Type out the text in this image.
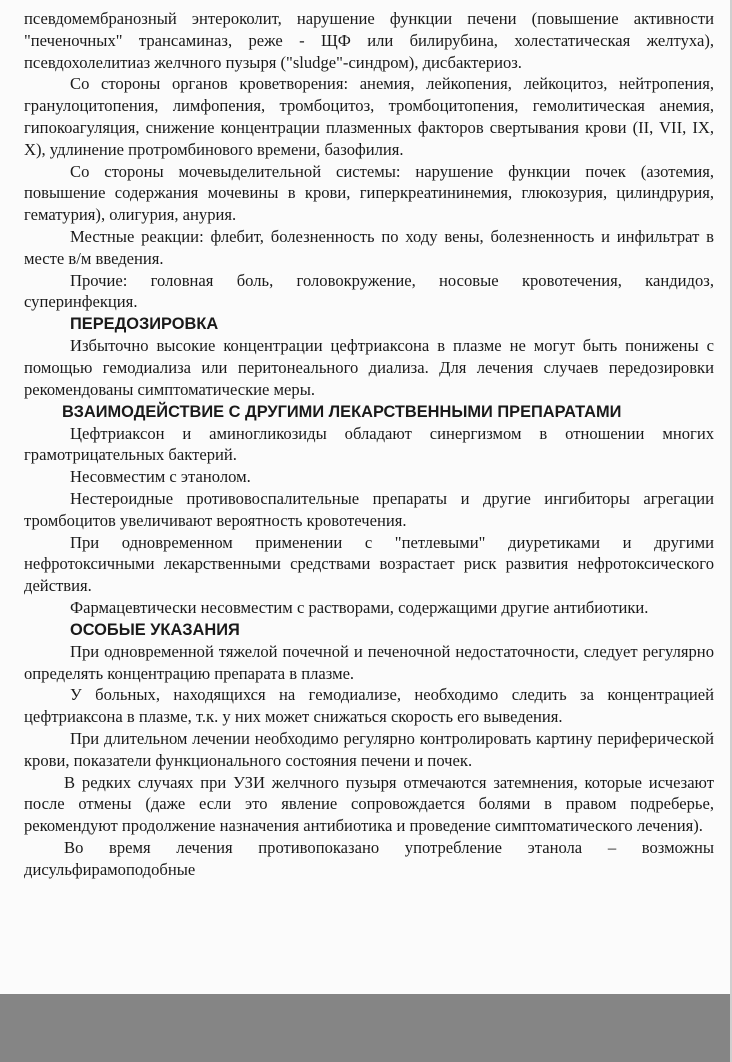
псевдомембранозный энтероколит, нарушение функции печени (повышение активности "печеночных" трансаминаз, реже - ЩФ или билирубина, холестатическая желтуха), псевдохолелитиаз желчного пузыря ("sludge"-синдром), дисбактериоз.

Со стороны органов кроветворения: анемия, лейкопения, лейкоцитоз, нейтропения, гранулоцитопения, лимфопения, тромбоцитоз, тромбоцитопения, гемолитическая анемия, гипокоагуляция, снижение концентрации плазменных факторов свертывания крови (II, VII, IX, X), удлинение протромбинового времени, базофилия.

Со стороны мочевыделительной системы: нарушение функции почек (азотемия, повышение содержания мочевины в крови, гиперкреатининемия, глюкозурия, цилиндрурия, гематурия), олигурия, анурия.

Местные реакции: флебит, болезненность по ходу вены, болезненность и инфильтрат в месте в/м введения.

Прочие: головная боль, головокружение, носовые кровотечения, кандидоз, суперинфекция.

ПЕРЕДОЗИРОВКА

Избыточно высокие концентрации цефтриаксона в плазме не могут быть понижены с помощью гемодиализа или перитонеального диализа. Для лечения случаев передозировки рекомендованы симптоматические меры.

ВЗАИМОДЕЙСТВИЕ С ДРУГИМИ ЛЕКАРСТВЕННЫМИ ПРЕПАРАТАМИ

Цефтриаксон и аминогликозиды обладают синергизмом в отношении многих грамотрицательных бактерий.

Несовместим с этанолом.

Нестероидные противовоспалительные препараты и другие ингибиторы агрегации тромбоцитов увеличивают вероятность кровотечения.

При одновременном применении с "петлевыми" диуретиками и другими нефротоксичными лекарственными средствами возрастает риск развития нефротоксического действия.

Фармацевтически несовместим с растворами, содержащими другие антибиотики.

ОСОБЫЕ УКАЗАНИЯ

При одновременной тяжелой почечной и печеночной недостаточности, следует регулярно определять концентрацию препарата в плазме.

У больных, находящихся на гемодиализе, необходимо следить за концентрацией цефтриаксона в плазме, т.к. у них может снижаться скорость его выведения.

При длительном лечении необходимо регулярно контролировать картину периферической крови, показатели функционального состояния печени и почек.

В редких случаях при УЗИ желчного пузыря отмечаются затемнения, которые исчезают после отмены (даже если это явление сопровождается болями в правом подреберье, рекомендуют продолжение назначения антибиотика и проведение симптоматического лечения).

Во время лечения противопоказано употребление этанола – возможны дисульфирамоподобные
